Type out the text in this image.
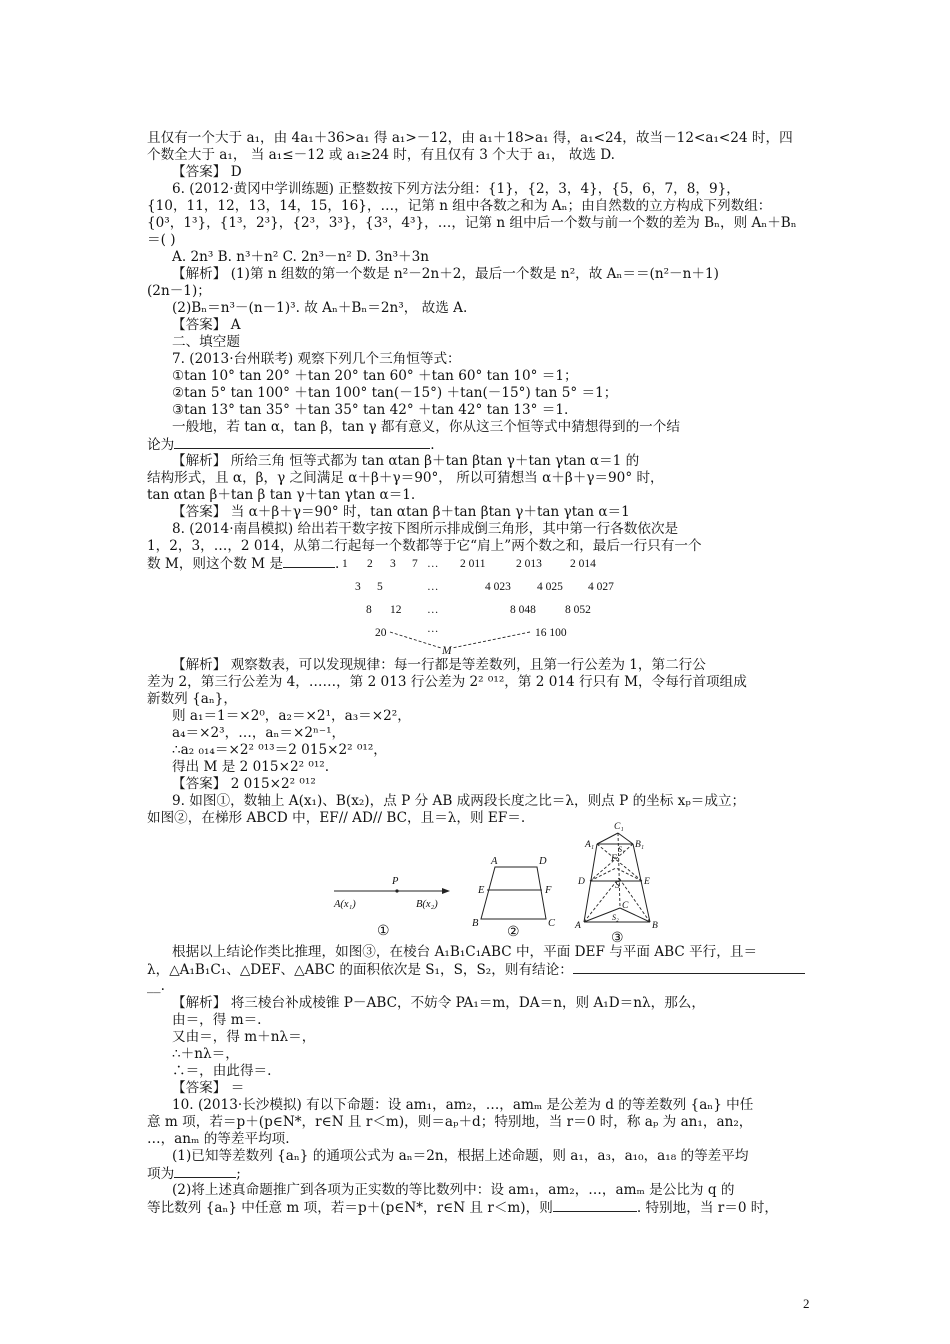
且仅有一个大于 a₁，由 4a₁＋36>a₁ 得 a₁>－12，由 a₁＋18>a₁ 得，a₁<24，故当－12<a₁<24 时，四
个数全大于 a₁， 当 a₁≤－12 或 a₁≥24 时，有且仅有 3 个大于 a₁， 故选 D.
【答案】 D
6. (2012·黄冈中学训练题) 正整数按下列方法分组：{1}，{2，3，4}，{5，6，7，8，9}，
{10，11，12，13，14，15，16}，…，记第 n 组中各数之和为 Aₙ；由自然数的立方构成下列数组：
{0³，1³}，{1³，2³}，{2³，3³}，{3³，4³}，…，记第 n 组中后一个数与前一个数的差为 Bₙ，则 Aₙ＋Bₙ
＝( )
A. 2n³ B. n³＋n² C. 2n³－n² D. 3n³＋3n
【解析】 (1)第 n 组数的第一个数是 n²－2n＋2，最后一个数是 n²，故 Aₙ＝＝(n²－n＋1)
(2n－1)；
(2)Bₙ＝n³－(n－1)³. 故 Aₙ＋Bₙ＝2n³， 故选 A.
【答案】 A
二、填空题
7. (2013·台州联考) 观察下列几个三角恒等式：
①tan 10° tan 20° ＋tan 20° tan 60° ＋tan 60° tan 10° ＝1；
②tan 5° tan 100° ＋tan 100° tan(－15°) ＋tan(－15°) tan 5° ＝1；
③tan 13° tan 35° ＋tan 35° tan 42° ＋tan 42° tan 13° ＝1.
一般地，若 tan α，tan β，tan γ 都有意义，你从这三个恒等式中猜想得到的一个结
论为	.
【解析】 所给三角 恒等式都为 tan αtan β＋tan βtan γ＋tan γtan α＝1 的
结构形式，且 α，β，γ 之间满足 α＋β＋γ＝90°， 所以可猜想当 α＋β＋γ＝90° 时，
tan αtan β＋tan β tan γ＋tan γtan α＝1.
【答案】 当 α＋β＋γ＝90° 时，tan αtan β＋tan βtan γ＋tan γtan α＝1
8. (2014·南昌模拟) 给出若干数字按下图所示排成倒三角形，其中第一行各数依次是
1，2，3，…，2 014，从第二行起每一个数都等于它“肩上”两个数之和，最后一行只有一个
数 M，则这个数 M 是	. 1 2 3 7 … 2 011	2 013 2 014
3 5	…	4 023 4 025 4 027
8 12 …	8 048	8 052
20	…	16 100
M
【解析】 观察数表，可以发现规律：每一行都是等差数列，且第一行公差为 1，第二行公
差为 2，第三行公差为 4，……，第 2 013 行公差为 2² ⁰¹²，第 2 014 行只有 M，令每行首项组成
新数列 {aₙ}，
则 a₁＝1＝×2⁰，a₂＝×2¹，a₃＝×2²，
a₄＝×2³，…，aₙ＝×2ⁿ⁻¹，
∴a₂ ₀₁₄＝×2² ⁰¹³＝2 015×2² ⁰¹²，
得出 M 是 2 015×2² ⁰¹².
【答案】 2 015×2² ⁰¹²
9. 如图①，数轴上 A(x₁)、B(x₂)，点 P 分 AB 成两段长度之比＝λ，则点 P 的坐标 xₚ＝成立；
如图②，在梯形 ABCD 中，EF// AD// BC，且＝λ，则 EF＝.
P
A(x₁)	B(x₂)
①
A	D
E	F
B	C
②
C₁
A₁	B₁
F
S₁
D	S	E
C
S₂
A	B
③
根据以上结论作类比推理，如图③，在棱台 A₁B₁C₁ABC 中，平面 DEF 与平面 ABC 平行，且＝
λ，△A₁B₁C₁、△DEF、△ABC 的面积依次是 S₁，S，S₂，则有结论：
__.
【解析】 将三棱台补成棱锥 P－ABC，不妨令 PA₁＝m，DA＝n，则 A₁D＝nλ，那么，
由＝，得 m＝.
又由＝，得 m＋nλ＝，
∴＋nλ＝，
∴＝，由此得＝.
【答案】 ＝
10. (2013·长沙模拟) 有以下命题：设 am₁，am₂，…，amₘ 是公差为 d 的等差数列 {aₙ} 中任
意 m 项，若＝p＋(p∈N*，r∈N 且 r＜m)，则＝aₚ＋d；特别地，当 r＝0 时，称 aₚ 为 an₁，an₂，
…，anₘ 的等差平均项.
(1)已知等差数列 {aₙ} 的通项公式为 aₙ＝2n，根据上述命题，则 a₁，a₃，a₁₀，a₁₈ 的等差平均
项为	;
(2)将上述真命题推广到各项为正实数的等比数列中：设 am₁，am₂，…，amₘ 是公比为 q 的
等比数列 {aₙ} 中任意 m 项，若＝p＋(p∈N*，r∈N 且 r＜m)，则	. 特别地，当 r＝0 时，
2
